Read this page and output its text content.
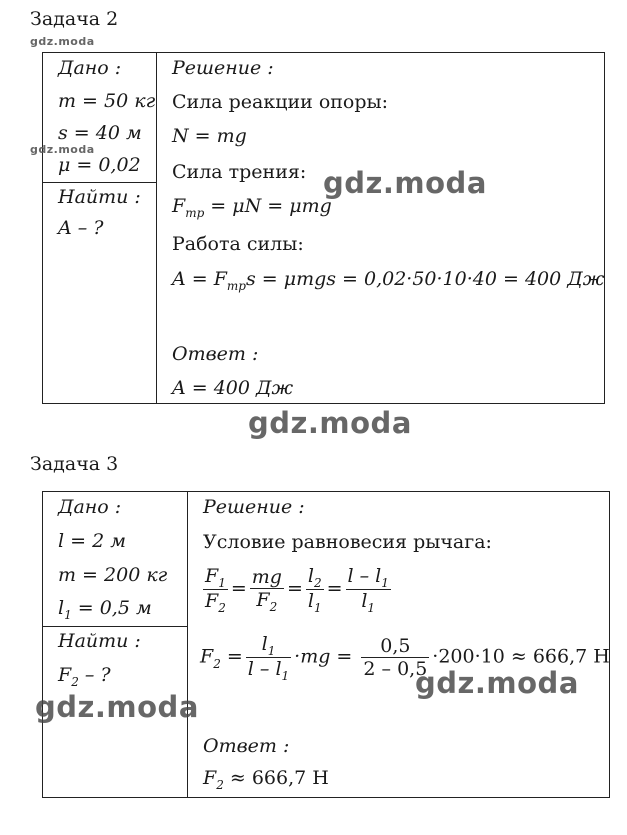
Задача 2
gdz.moda
Дано :
m = 50 кг
s = 40 м
μ = 0,02
gdz.moda
Найти :
A – ?
Решение :
Сила реакции опоры:
N = mg
Сила трения:
$F_{тр} = \mu N = \mu mg$
gdz.moda
Работа силы:
$A = F_{тр}s = \mu mgs = 0,02\cdot 50\cdot 10\cdot 40 = 400$ Дж
Ответ :
A = 400 Дж
gdz.moda
Задача 3
Дано :
l = 2 м
m = 200 кг
$l_1 = 0,5$ м
Найти :
$F_2$ – ?
gdz.moda
Решение :
Условие равновесия рычага:
$\frac{F_1}{F_2} = \frac{mg}{F_2} = \frac{l_2}{l_1} = \frac{l - l_1}{l_1}$
$F_2 = \frac{l_1}{l - l_1} \cdot mg = \frac{0,5}{2 - 0,5} \cdot 200\cdot 10 \approx 666,7$ Н
gdz.moda
Ответ :
$F_2 \approx 666,7$ Н
